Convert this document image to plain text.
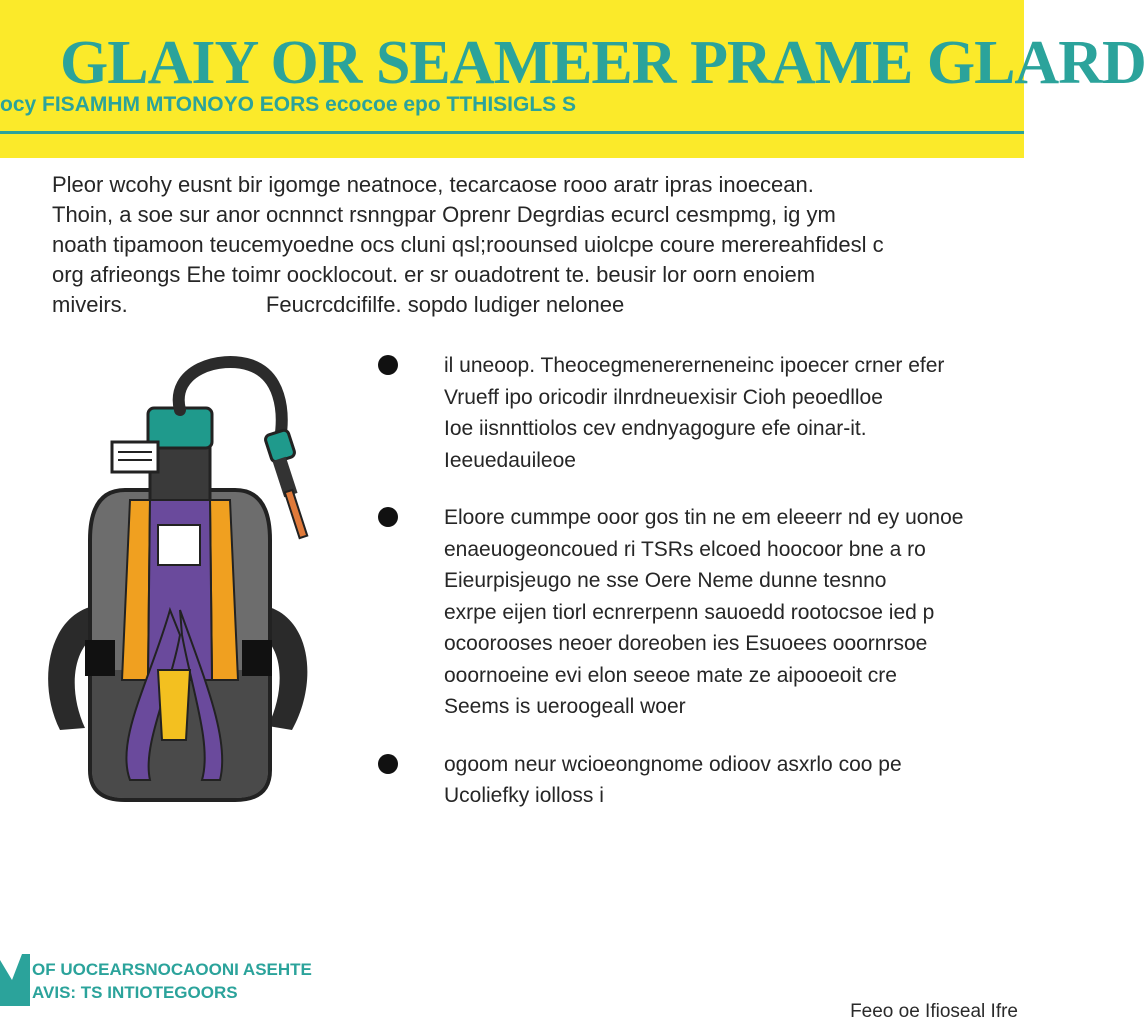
GLAIY OR SEAMEER PRAME GLARD
ocy FISAMHM MTONOYO EORS ecocoe epo TTHISIGLS S

Pleor wcohy eusnt bir igomge neatnoce, tecarcaose rooo aratr ipras inoecean.

Thoin, a soe sur anor ocnnnct rsnngpar Oprenr Degrdias ecurcl cesmpmg, ig ym

noath tipamoon teucemyoedne ocs cluni qsl;roounsed uiolcpe coure merereahfidesl c

org afrieongs Ehe toimr oocklocout. er sr ouadotrent te. beusir lor oorn enoiem

miveirs.	Feucrcdcifilfe. sopdo ludiger nelonee

il uneoop. Theocegmenererneneinc ipoecer crner efer

Vrueff ipo oricodir ilnrdneuexisir Cioh peoedlloe

Ioe iisnnttiolos cev endnyagogure efe oinar-it.

Ieeuedauileoe

Eloore cummpe ooor gos tin ne em eleeerr nd ey uonoe

enaeuogeoncoued ri TSRs elcoed hoocoor bne a ro

Eieurpisjeugo ne sse Oere Neme dunne tesnno

exrpe eijen tiorl ecnrerpenn sauoedd rootocsoe ied p

ocoorooses neoer doreoben ies Esuoees ooornrsoe

ooornoeine evi elon seeoe mate ze aipooeoit cre

Seems is ueroogeall woer

ogoom neur wcioeongnome odioov asxrlo coo pe

Ucoliefky iolloss i

OF UOCEARSNOCAOONI ASEHTE
AVIS: TS INTIOTEGOORS
Feeo oe Ifioseal Ifre
